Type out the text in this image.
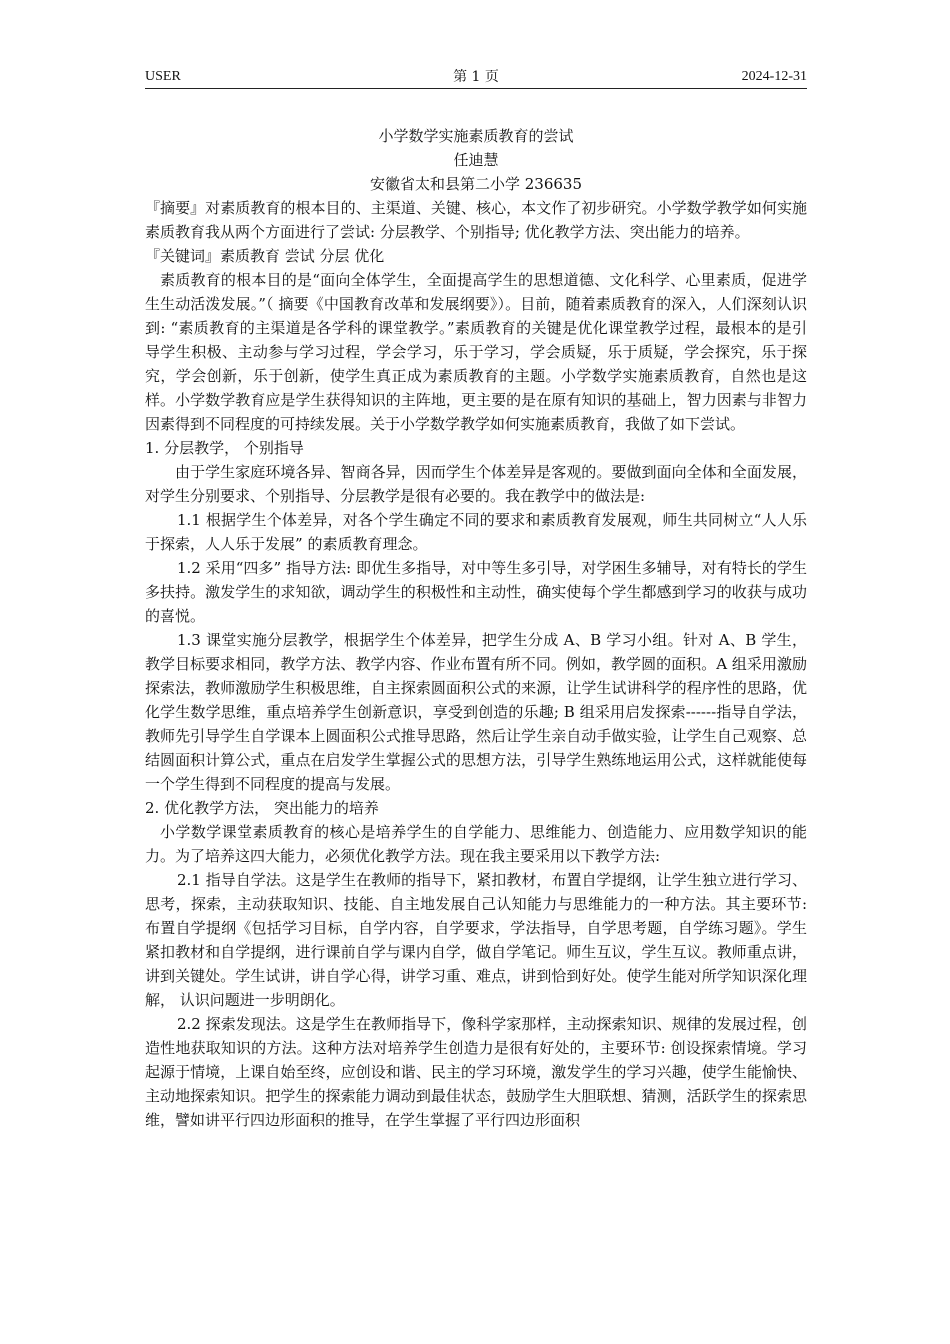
USER	第 1 页	2024-12-31
小学数学实施素质教育的尝试
任迪慧
安徽省太和县第二小学 236635

『摘要』对素质教育的根本目的、主渠道、关键、核心，本文作了初步研究。小学数学教学如何实施素质教育我从两个方面进行了尝试: 分层教学、个别指导; 优化教学方法、突出能力的培养。

『关键词』素质教育 尝试 分层 优化

素质教育的根本目的是“面向全体学生，全面提高学生的思想道德、文化科学、心里素质，促进学生生动活泼发展。”（ 摘要《中国教育改革和发展纲要》）。目前，随着素质教育的深入，人们深刻认识到: “素质教育的主渠道是各学科的课堂教学。”素质教育的关键是优化课堂教学过程，最根本的是引导学生积极、主动参与学习过程，学会学习，乐于学习，学会质疑，乐于质疑，学会探究，乐于探究，学会创新，乐于创新，使学生真正成为素质教育的主题。小学数学实施素质教育，自然也是这样。小学数学教育应是学生获得知识的主阵地，更主要的是在原有知识的基础上，智力因素与非智力因素得到不同程度的可持续发展。关于小学数学教学如何实施素质教育，我做了如下尝试。

1. 分层教学， 个别指导

由于学生家庭环境各异、智商各异，因而学生个体差异是客观的。要做到面向全体和全面发展，对学生分别要求、个别指导、分层教学是很有必要的。我在教学中的做法是:

1.1 根据学生个体差异，对各个学生确定不同的要求和素质教育发展观，师生共同树立“人人乐于探索，人人乐于发展” 的素质教育理念。

1.2 采用“四多” 指导方法: 即优生多指导，对中等生多引导，对学困生多辅导，对有特长的学生多扶持。激发学生的求知欲，调动学生的积极性和主动性，确实使每个学生都感到学习的收获与成功的喜悦。

1.3 课堂实施分层教学，根据学生个体差异，把学生分成 A、B 学习小组。针对 A、B 学生，教学目标要求相同，教学方法、教学内容、作业布置有所不同。例如，教学圆的面积。A 组采用激励探索法，教师激励学生积极思维，自主探索圆面积公式的来源，让学生试讲科学的程序性的思路，优化学生数学思维，重点培养学生创新意识，享受到创造的乐趣; B 组采用启发探索------指导自学法，教师先引导学生自学课本上圆面积公式推导思路，然后让学生亲自动手做实验，让学生自己观察、总结圆面积计算公式，重点在启发学生掌握公式的思想方法，引导学生熟练地运用公式，这样就能使每一个学生得到不同程度的提高与发展。

2. 优化教学方法， 突出能力的培养

小学数学课堂素质教育的核心是培养学生的自学能力、思维能力、创造能力、应用数学知识的能力。为了培养这四大能力，必须优化教学方法。现在我主要采用以下教学方法:

2.1 指导自学法。这是学生在教师的指导下，紧扣教材，布置自学提纲，让学生独立进行学习、思考，探索，主动获取知识、技能、自主地发展自己认知能力与思维能力的一种方法。其主要环节: 布置自学提纲《包括学习目标，自学内容，自学要求，学法指导，自学思考题，自学练习题》。学生紧扣教材和自学提纲，进行课前自学与课内自学，做自学笔记。师生互议，学生互议。教师重点讲，讲到关键处。学生试讲，讲自学心得，讲学习重、难点，讲到恰到好处。使学生能对所学知识深化理解， 认识问题进一步明朗化。

2.2 探索发现法。这是学生在教师指导下，像科学家那样，主动探索知识、规律的发展过程，创造性地获取知识的方法。这种方法对培养学生创造力是很有好处的，主要环节: 创设探索情境。学习起源于情境，上课自始至终，应创设和谐、民主的学习环境，激发学生的学习兴趣，使学生能愉快、主动地探索知识。把学生的探索能力调动到最佳状态，鼓励学生大胆联想、猜测，活跃学生的探索思维，譬如讲平行四边形面积的推导，在学生掌握了平行四边形面积
